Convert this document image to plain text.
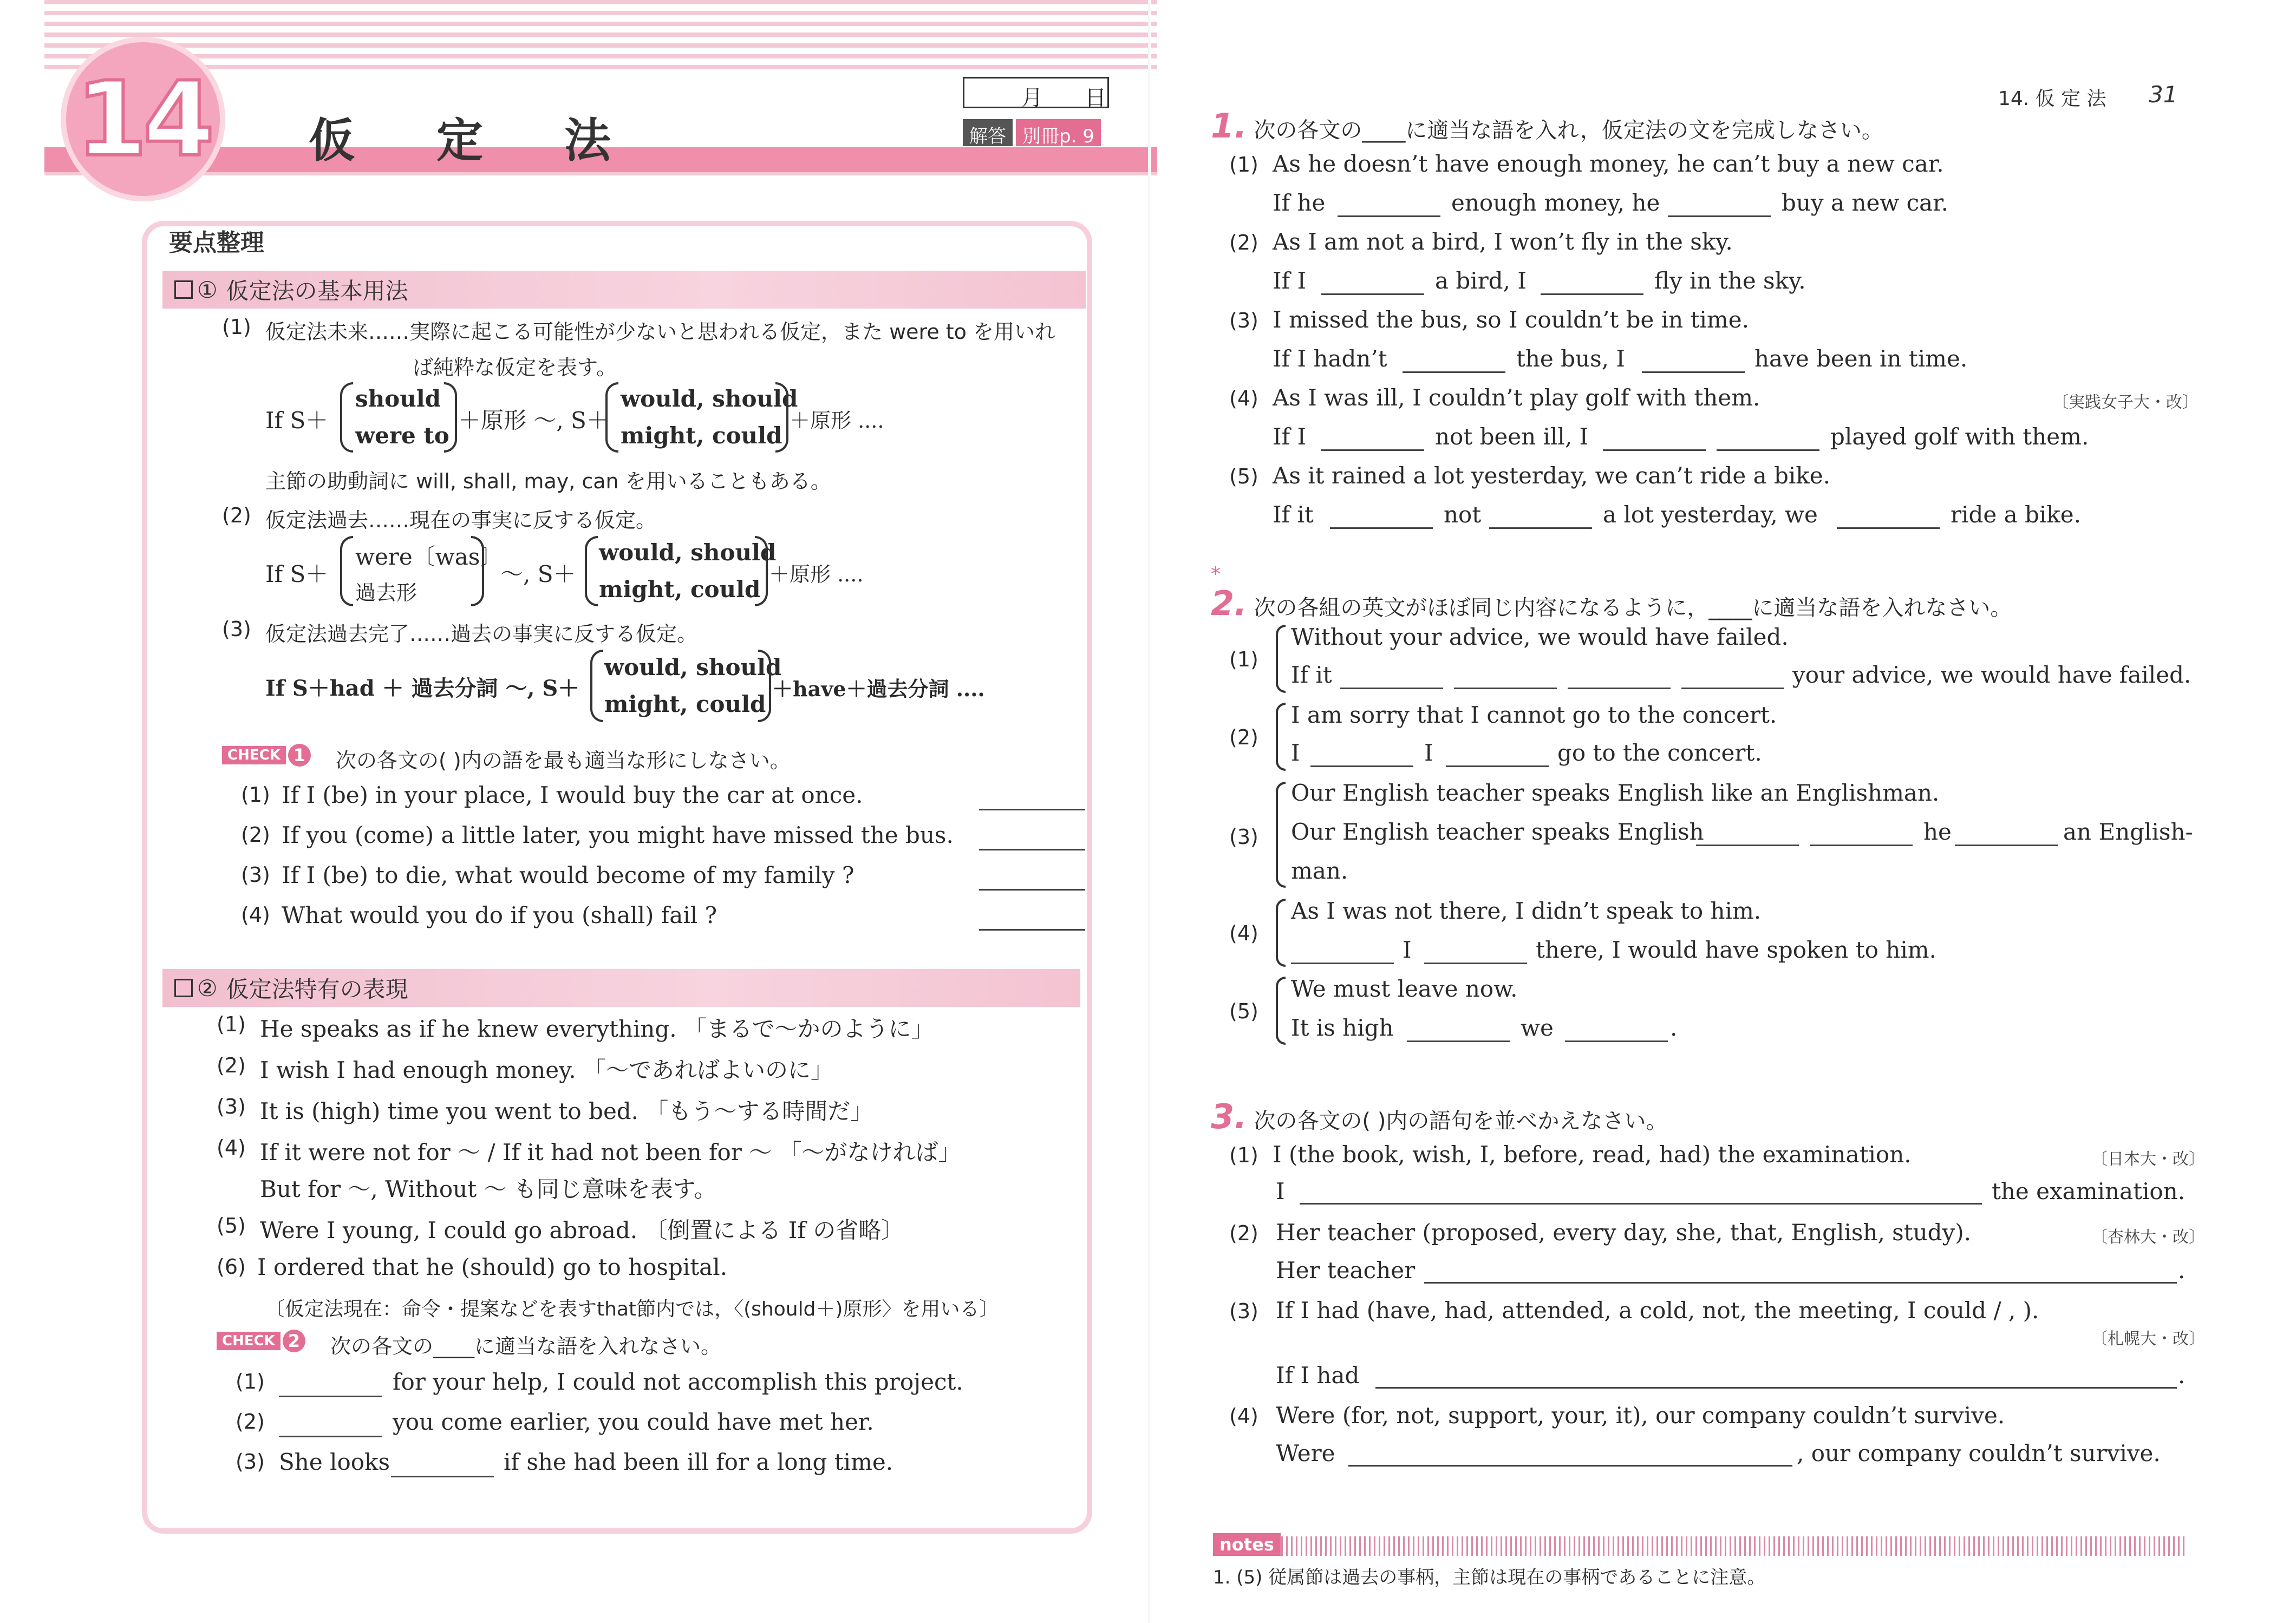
14 仮 定 法
月 日
解答 別冊p. 9
要点整理
① 仮定法の基本用法
(1) 仮定法未来……実際に起こる可能性が少ないと思われる仮定，また were to を用いれ
ば純粋な仮定を表す。
If S＋
should
were to
＋原形 〜, S＋
would, should
might, could
＋原形 ....
主節の助動詞に will, shall, may, can を用いることもある。
(2) 仮定法過去……現在の事実に反する仮定。
If S＋
were〔was〕
過去形
〜, S＋
would, should
might, could
＋原形 ....
(3) 仮定法過去完了……過去の事実に反する仮定。
If S＋had ＋ 過去分詞 〜, S＋
would, should
might, could
＋have＋過去分詞 ....
CHECK 1 次の各文の( )内の語を最も適当な形にしなさい。
(1) If I (be) in your place, I would buy the car at once.
(2) If you (come) a little later, you might have missed the bus.
(3) If I (be) to die, what would become of my family ?
(4) What would you do if you (shall) fail ?
② 仮定法特有の表現
(1) He speaks as if he knew everything. 「まるで〜かのように」
(2) I wish I had enough money. 「〜であればよいのに」
(3) It is (high) time you went to bed. 「もう〜する時間だ」
(4) If it were not for 〜 / If it had not been for 〜 「〜がなければ」
But for 〜, Without 〜 も同じ意味を表す。
(5) Were I young, I could go abroad. 〔倒置による If の省略〕
(6) I ordered that he (should) go to hospital.
〔仮定法現在：命令・提案などを表すthat節内では，〈(should＋)原形〉を用いる〕
CHECK 2 次の各文の____に適当な語を入れなさい。
(1)	for your help, I could not accomplish this project.
(2)	you come earlier, you could have met her.
(3) She looks	if she had been ill for a long time.
14. 仮 定 法 31
1. 次の各文の____に適当な語を入れ，仮定法の文を完成しなさい。
(1) As he doesn’t have enough money, he can’t buy a new car.
If he	enough money, he	buy a new car.
(2) As I am not a bird, I won’t fly in the sky.
If I	a bird, I	fly in the sky.
(3) I missed the bus, so I couldn’t be in time.
If I hadn’t	the bus, I	have been in time.
(4) As I was ill, I couldn’t play golf with them.	〔実践女子大・改〕
If I	not been ill, I	played golf with them.
(5) As it rained a lot yesterday, we can’t ride a bike.
If it	not	a lot yesterday, we	ride a bike.
*
2. 次の各組の英文がほぼ同じ内容になるように，____に適当な語を入れなさい。
(1)
Without your advice, we would have failed.
If it	your advice, we would have failed.
(2)
I am sorry that I cannot go to the concert.
I	I	go to the concert.
(3)
Our English teacher speaks English like an Englishman.
Our English teacher speaks English	he	an English-
man.
(4)
As I was not there, I didn’t speak to him.
I	there, I would have spoken to him.
(5)
We must leave now.
It is high	we	.
3. 次の各文の( )内の語句を並べかえなさい。
(1) I (the book, wish, I, before, read, had) the examination.	〔日本大・改〕
I	the examination.
(2) Her teacher (proposed, every day, she, that, English, study).	〔杏林大・改〕
Her teacher	.
(3) If I had (have, had, attended, a cold, not, the meeting, I could / , ).
〔札幌大・改〕
If I had	.
(4) Were (for, not, support, your, it), our company couldn’t survive.
Were	, our company couldn’t survive.
notes
1. (5) 従属節は過去の事柄，主節は現在の事柄であることに注意。
